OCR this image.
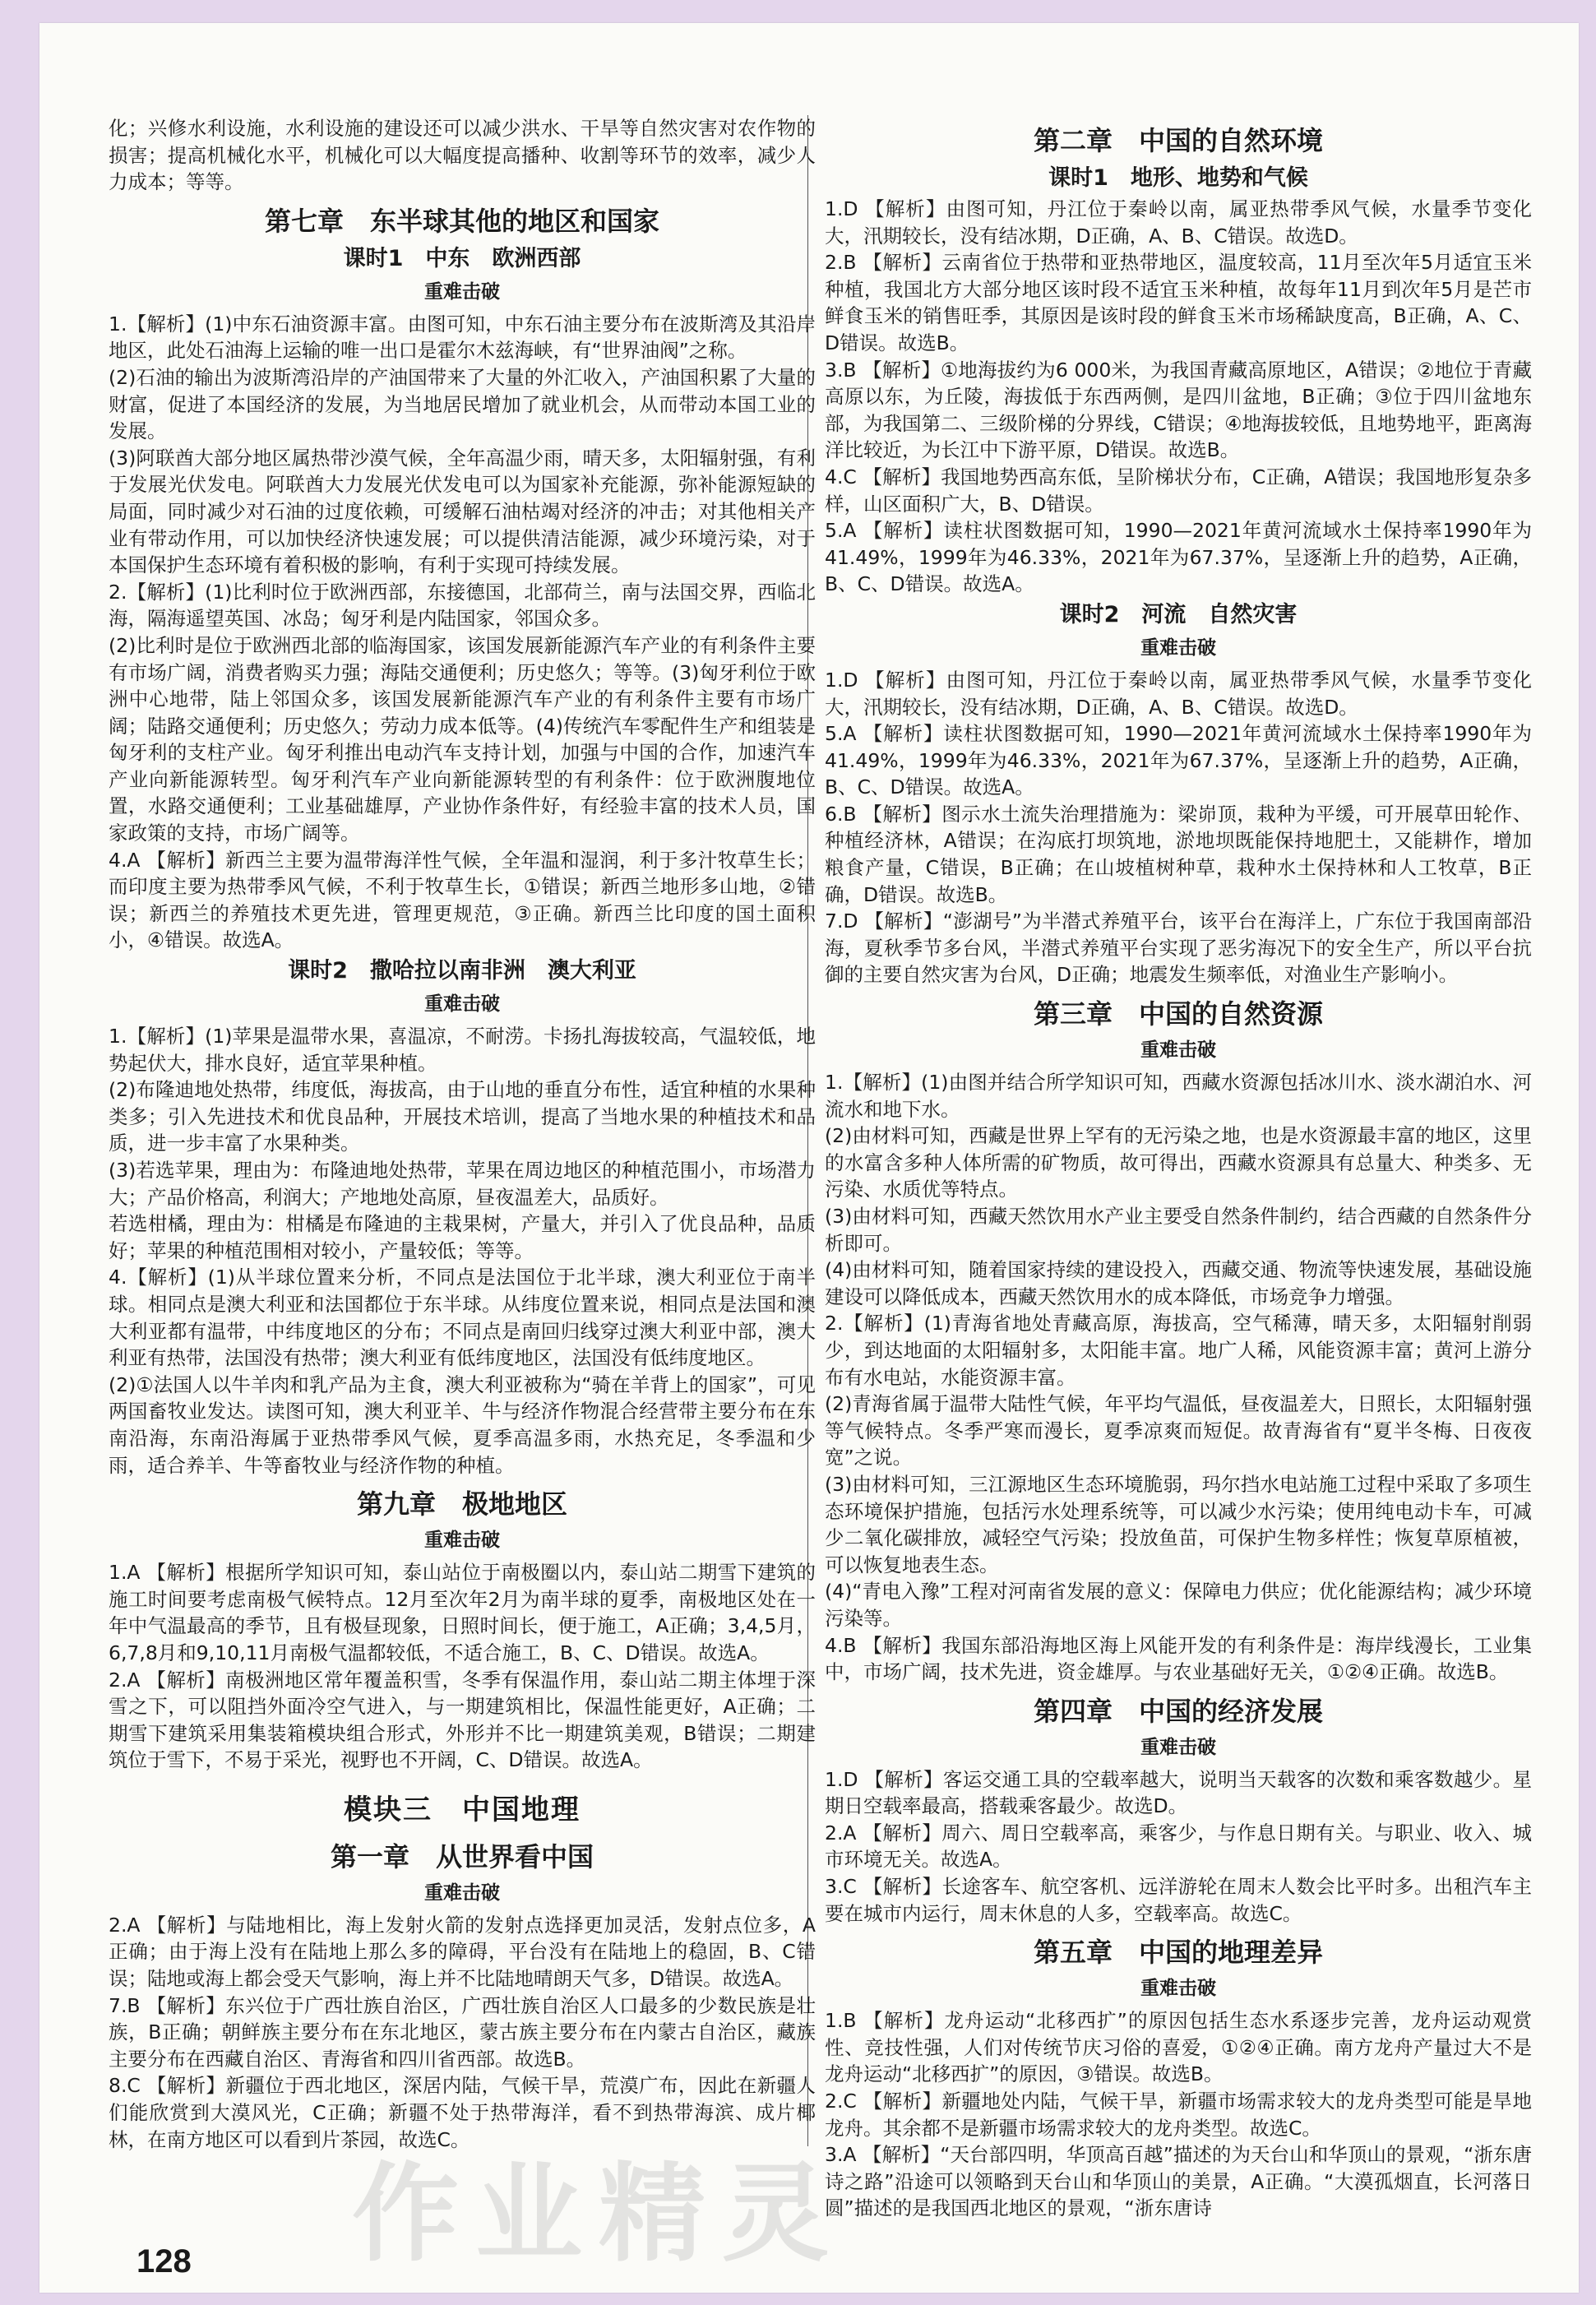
化；兴修水利设施，水利设施的建设还可以减少洪水、干旱等自然灾害对农作物的损害；提高机械化水平，机械化可以大幅度提高播种、收割等环节的效率，减少人力成本；等等。

第七章　东半球其他的地区和国家
课时1　中东　欧洲西部
重难击破

1.【解析】(1)中东石油资源丰富。由图可知，中东石油主要分布在波斯湾及其沿岸地区，此处石油海上运输的唯一出口是霍尔木兹海峡，有“世界油阀”之称。

(2)石油的输出为波斯湾沿岸的产油国带来了大量的外汇收入，产油国积累了大量的财富，促进了本国经济的发展，为当地居民增加了就业机会，从而带动本国工业的发展。

(3)阿联酋大部分地区属热带沙漠气候，全年高温少雨，晴天多，太阳辐射强，有利于发展光伏发电。阿联酋大力发展光伏发电可以为国家补充能源，弥补能源短缺的局面，同时减少对石油的过度依赖，可缓解石油枯竭对经济的冲击；对其他相关产业有带动作用，可以加快经济快速发展；可以提供清洁能源，减少环境污染，对于本国保护生态环境有着积极的影响，有利于实现可持续发展。

2.【解析】(1)比利时位于欧洲西部，东接德国，北部荷兰，南与法国交界，西临北海，隔海遥望英国、冰岛；匈牙利是内陆国家，邻国众多。

(2)比利时是位于欧洲西北部的临海国家，该国发展新能源汽车产业的有利条件主要有市场广阔，消费者购买力强；海陆交通便利；历史悠久；等等。(3)匈牙利位于欧洲中心地带，陆上邻国众多，该国发展新能源汽车产业的有利条件主要有市场广阔；陆路交通便利；历史悠久；劳动力成本低等。(4)传统汽车零配件生产和组装是匈牙利的支柱产业。匈牙利推出电动汽车支持计划，加强与中国的合作，加速汽车产业向新能源转型。匈牙利汽车产业向新能源转型的有利条件：位于欧洲腹地位置，水路交通便利；工业基础雄厚，产业协作条件好，有经验丰富的技术人员，国家政策的支持，市场广阔等。

4.A 【解析】新西兰主要为温带海洋性气候，全年温和湿润，利于多汁牧草生长；而印度主要为热带季风气候，不利于牧草生长，①错误；新西兰地形多山地，②错误；新西兰的养殖技术更先进，管理更规范，③正确。新西兰比印度的国土面积小，④错误。故选A。

课时2　撒哈拉以南非洲　澳大利亚
重难击破

1.【解析】(1)苹果是温带水果，喜温凉，不耐涝。卡扬扎海拔较高，气温较低，地势起伏大，排水良好，适宜苹果种植。

(2)布隆迪地处热带，纬度低，海拔高，由于山地的垂直分布性，适宜种植的水果种类多；引入先进技术和优良品种，开展技术培训，提高了当地水果的种植技术和品质，进一步丰富了水果种类。

(3)若选苹果，理由为：布隆迪地处热带，苹果在周边地区的种植范围小，市场潜力大；产品价格高，利润大；产地地处高原，昼夜温差大，品质好。

若选柑橘，理由为：柑橘是布隆迪的主栽果树，产量大，并引入了优良品种，品质好；苹果的种植范围相对较小，产量较低；等等。

4.【解析】(1)从半球位置来分析，不同点是法国位于北半球，澳大利亚位于南半球。相同点是澳大利亚和法国都位于东半球。从纬度位置来说，相同点是法国和澳大利亚都有温带，中纬度地区的分布；不同点是南回归线穿过澳大利亚中部，澳大利亚有热带，法国没有热带；澳大利亚有低纬度地区，法国没有低纬度地区。

(2)①法国人以牛羊肉和乳产品为主食，澳大利亚被称为“骑在羊背上的国家”，可见两国畜牧业发达。读图可知，澳大利亚羊、牛与经济作物混合经营带主要分布在东南沿海，东南沿海属于亚热带季风气候，夏季高温多雨，水热充足，冬季温和少雨，适合养羊、牛等畜牧业与经济作物的种植。

第九章　极地地区
重难击破

1.A 【解析】根据所学知识可知，泰山站位于南极圈以内，泰山站二期雪下建筑的施工时间要考虑南极气候特点。12月至次年2月为南半球的夏季，南极地区处在一年中气温最高的季节，且有极昼现象，日照时间长，便于施工，A正确；3,4,5月，6,7,8月和9,10,11月南极气温都较低，不适合施工，B、C、D错误。故选A。

2.A 【解析】南极洲地区常年覆盖积雪，冬季有保温作用，泰山站二期主体埋于深雪之下，可以阻挡外面冷空气进入，与一期建筑相比，保温性能更好，A正确；二期雪下建筑采用集装箱模块组合形式，外形并不比一期建筑美观，B错误；二期建筑位于雪下，不易于采光，视野也不开阔，C、D错误。故选A。

模块三　中国地理
第一章　从世界看中国
重难击破

2.A 【解析】与陆地相比，海上发射火箭的发射点选择更加灵活，发射点位多，A正确；由于海上没有在陆地上那么多的障碍，平台没有在陆地上的稳固，B、C错误；陆地或海上都会受天气影响，海上并不比陆地晴朗天气多，D错误。故选A。

7.B 【解析】东兴位于广西壮族自治区，广西壮族自治区人口最多的少数民族是壮族，B正确；朝鲜族主要分布在东北地区，蒙古族主要分布在内蒙古自治区，藏族主要分布在西藏自治区、青海省和四川省西部。故选B。

8.C 【解析】新疆位于西北地区，深居内陆，气候干旱，荒漠广布，因此在新疆人们能欣赏到大漠风光，C正确；新疆不处于热带海洋，看不到热带海滨、成片椰林，在南方地区可以看到片茶园，故选C。

第二章　中国的自然环境
课时1　地形、地势和气候

1.D 【解析】由图可知，丹江位于秦岭以南，属亚热带季风气候，水量季节变化大，汛期较长，没有结冰期，D正确，A、B、C错误。故选D。

2.B 【解析】云南省位于热带和亚热带地区，温度较高，11月至次年5月适宜玉米种植，我国北方大部分地区该时段不适宜玉米种植，故每年11月到次年5月是芒市鲜食玉米的销售旺季，其原因是该时段的鲜食玉米市场稀缺度高，B正确，A、C、D错误。故选B。

3.B 【解析】①地海拔约为6 000米，为我国青藏高原地区，A错误；②地位于青藏高原以东，为丘陵，海拔低于东西两侧，是四川盆地，B正确；③位于四川盆地东部，为我国第二、三级阶梯的分界线，C错误；④地海拔较低，且地势地平，距离海洋比较近，为长江中下游平原，D错误。故选B。

4.C 【解析】我国地势西高东低，呈阶梯状分布，C正确，A错误；我国地形复杂多样，山区面积广大，B、D错误。

5.A 【解析】读柱状图数据可知，1990—2021年黄河流域水土保持率1990年为41.49%，1999年为46.33%，2021年为67.37%，呈逐渐上升的趋势，A正确，B、C、D错误。故选A。

课时2　河流　自然灾害
重难击破

1.D 【解析】由图可知，丹江位于秦岭以南，属亚热带季风气候，水量季节变化大，汛期较长，没有结冰期，D正确，A、B、C错误。故选D。

5.A 【解析】读柱状图数据可知，1990—2021年黄河流域水土保持率1990年为41.49%，1999年为46.33%，2021年为67.37%，呈逐渐上升的趋势，A正确，B、C、D错误。故选A。

6.B 【解析】图示水土流失治理措施为：梁峁顶，栽种为平缓，可开展草田轮作、种植经济林，A错误；在沟底打坝筑地，淤地坝既能保持地肥土，又能耕作，增加粮食产量，C错误，B正确；在山坡植树种草，栽种水土保持林和人工牧草，B正确，D错误。故选B。

7.D 【解析】“澎湖号”为半潜式养殖平台，该平台在海洋上，广东位于我国南部沿海，夏秋季节多台风，半潜式养殖平台实现了恶劣海况下的安全生产，所以平台抗御的主要自然灾害为台风，D正确；地震发生频率低，对渔业生产影响小。

第三章　中国的自然资源
重难击破

1.【解析】(1)由图并结合所学知识可知，西藏水资源包括冰川水、淡水湖泊水、河流水和地下水。

(2)由材料可知，西藏是世界上罕有的无污染之地，也是水资源最丰富的地区，这里的水富含多种人体所需的矿物质，故可得出，西藏水资源具有总量大、种类多、无污染、水质优等特点。

(3)由材料可知，西藏天然饮用水产业主要受自然条件制约，结合西藏的自然条件分析即可。

(4)由材料可知，随着国家持续的建设投入，西藏交通、物流等快速发展，基础设施建设可以降低成本，西藏天然饮用水的成本降低，市场竞争力增强。

2.【解析】(1)青海省地处青藏高原，海拔高，空气稀薄，晴天多，太阳辐射削弱少，到达地面的太阳辐射多，太阳能丰富。地广人稀，风能资源丰富；黄河上游分布有水电站，水能资源丰富。

(2)青海省属于温带大陆性气候，年平均气温低，昼夜温差大，日照长，太阳辐射强等气候特点。冬季严寒而漫长，夏季凉爽而短促。故青海省有“夏半冬梅、日夜夜宽”之说。

(3)由材料可知，三江源地区生态环境脆弱，玛尔挡水电站施工过程中采取了多项生态环境保护措施，包括污水处理系统等，可以减少水污染；使用纯电动卡车，可减少二氧化碳排放，减轻空气污染；投放鱼苗，可保护生物多样性；恢复草原植被，可以恢复地表生态。

(4)“青电入豫”工程对河南省发展的意义：保障电力供应；优化能源结构；减少环境污染等。

4.B 【解析】我国东部沿海地区海上风能开发的有利条件是：海岸线漫长，工业集中，市场广阔，技术先进，资金雄厚。与农业基础好无关，①②④正确。故选B。

第四章　中国的经济发展
重难击破

1.D 【解析】客运交通工具的空载率越大，说明当天载客的次数和乘客数越少。星期日空载率最高，搭载乘客最少。故选D。

2.A 【解析】周六、周日空载率高，乘客少，与作息日期有关。与职业、收入、城市环境无关。故选A。

3.C 【解析】长途客车、航空客机、远洋游轮在周末人数会比平时多。出租汽车主要在城市内运行，周末休息的人多，空载率高。故选C。

第五章　中国的地理差异
重难击破

1.B 【解析】龙舟运动“北移西扩”的原因包括生态水系逐步完善，龙舟运动观赏性、竞技性强，人们对传统节庆习俗的喜爱，①②④正确。南方龙舟产量过大不是龙舟运动“北移西扩”的原因，③错误。故选B。

2.C 【解析】新疆地处内陆，气候干旱，新疆市场需求较大的龙舟类型可能是旱地龙舟。其余都不是新疆市场需求较大的龙舟类型。故选C。

3.A 【解析】“天台部四明，华顶高百越”描述的为天台山和华顶山的景观，“浙东唐诗之路”沿途可以领略到天台山和华顶山的美景，A正确。“大漠孤烟直，长河落日圆”描述的是我国西北地区的景观，“浙东唐诗

作业精灵
128
